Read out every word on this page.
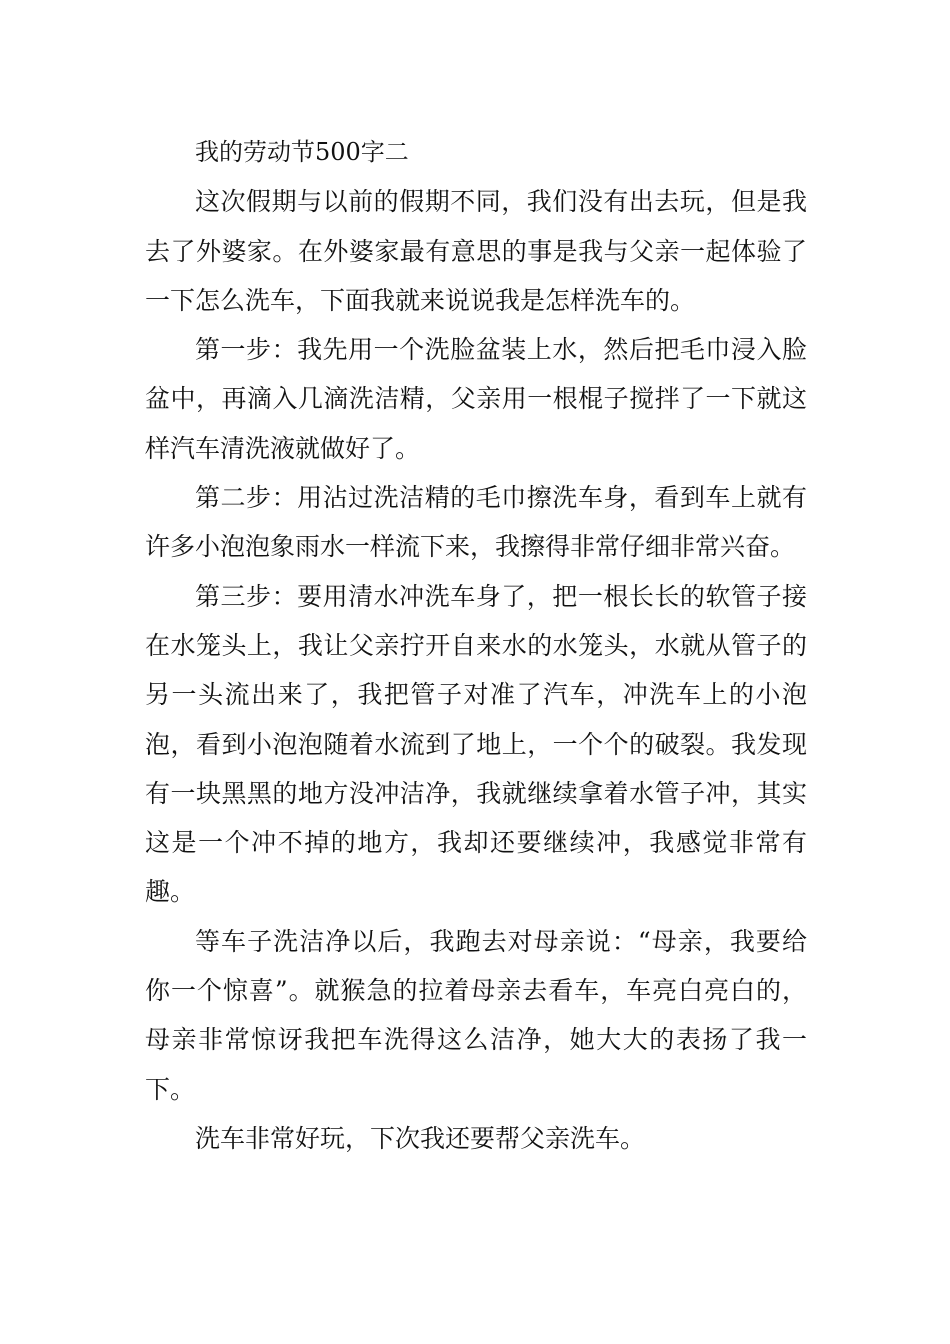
我的劳动节500字二

这次假期与以前的假期不同，我们没有出去玩，但是我去了外婆家。在外婆家最有意思的事是我与父亲一起体验了一下怎么洗车，下面我就来说说我是怎样洗车的。

第一步：我先用一个洗脸盆装上水，然后把毛巾浸入脸盆中，再滴入几滴洗洁精，父亲用一根棍子搅拌了一下就这样汽车清洗液就做好了。

第二步：用沾过洗洁精的毛巾擦洗车身，看到车上就有许多小泡泡象雨水一样流下来，我擦得非常仔细非常兴奋。

第三步：要用清水冲洗车身了，把一根长长的软管子接在水笼头上，我让父亲拧开自来水的水笼头，水就从管子的另一头流出来了，我把管子对准了汽车，冲洗车上的小泡泡，看到小泡泡随着水流到了地上，一个个的破裂。我发现有一块黑黑的地方没冲洁净，我就继续拿着水管子冲，其实这是一个冲不掉的地方，我却还要继续冲，我感觉非常有趣。

等车子洗洁净以后，我跑去对母亲说：“母亲，我要给你一个惊喜”。就猴急的拉着母亲去看车，车亮白亮白的，母亲非常惊讶我把车洗得这么洁净，她大大的表扬了我一下。

洗车非常好玩，下次我还要帮父亲洗车。
